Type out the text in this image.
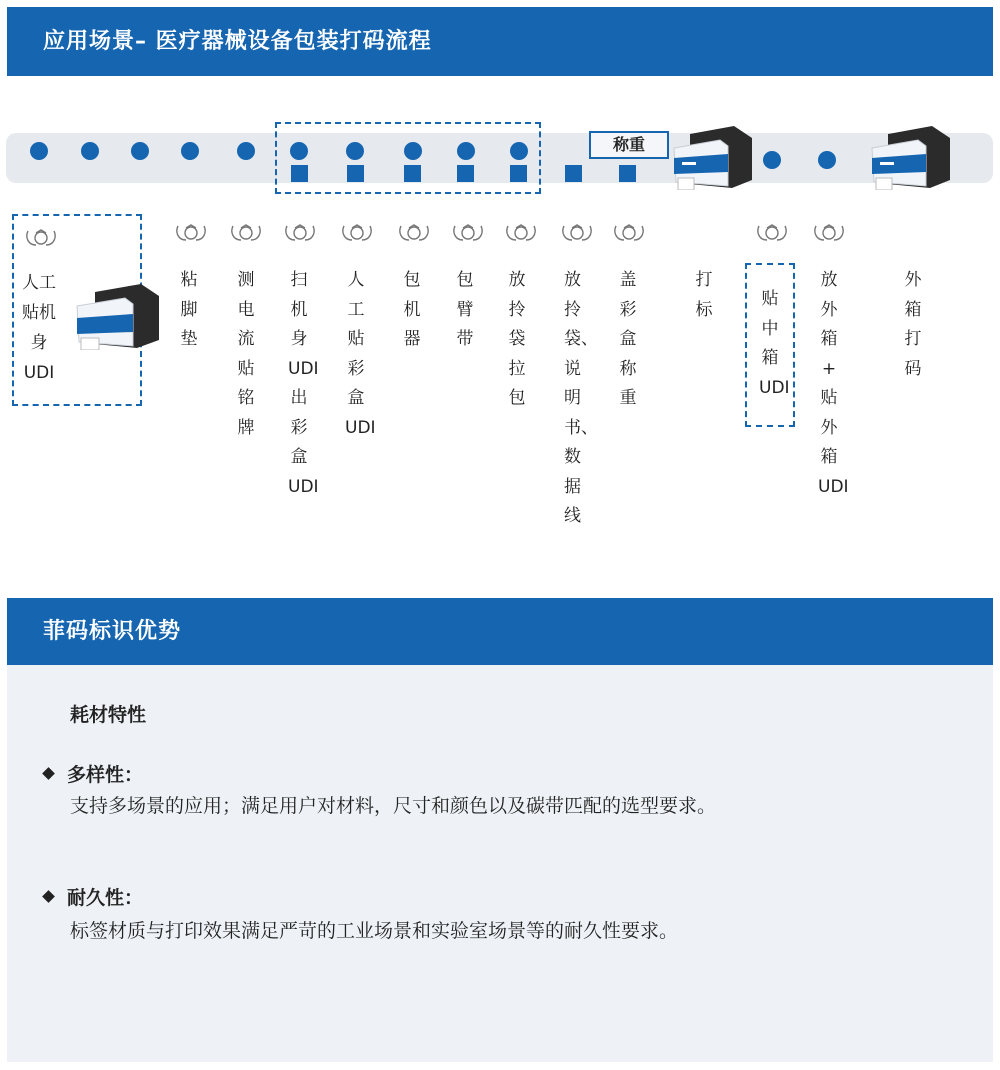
应用场景– 医疗器械设备包装打码流程
称重
人工
贴机
身
UDI
粘
脚
垫
测
电
流
贴
铭
牌
扫
机
身
UDI
出
彩
盒
UDI
人
工
贴
彩
盒
UDI
包
机
器
包
臂
带
放
拎
袋
拉
包
放
拎
袋、
说
明
书、
数
据
线
盖
彩
盒
称
重
打
标
贴
中
箱
UDI
放
外
箱
+
贴
外
箱
UDI
外
箱
打
码
菲码标识优势
耗材特性
多样性：
支持多场景的应用；满足用户对材料，尺寸和颜色以及碳带匹配的选型要求。
耐久性：
标签材质与打印效果满足严苛的工业场景和实验室场景等的耐久性要求。
